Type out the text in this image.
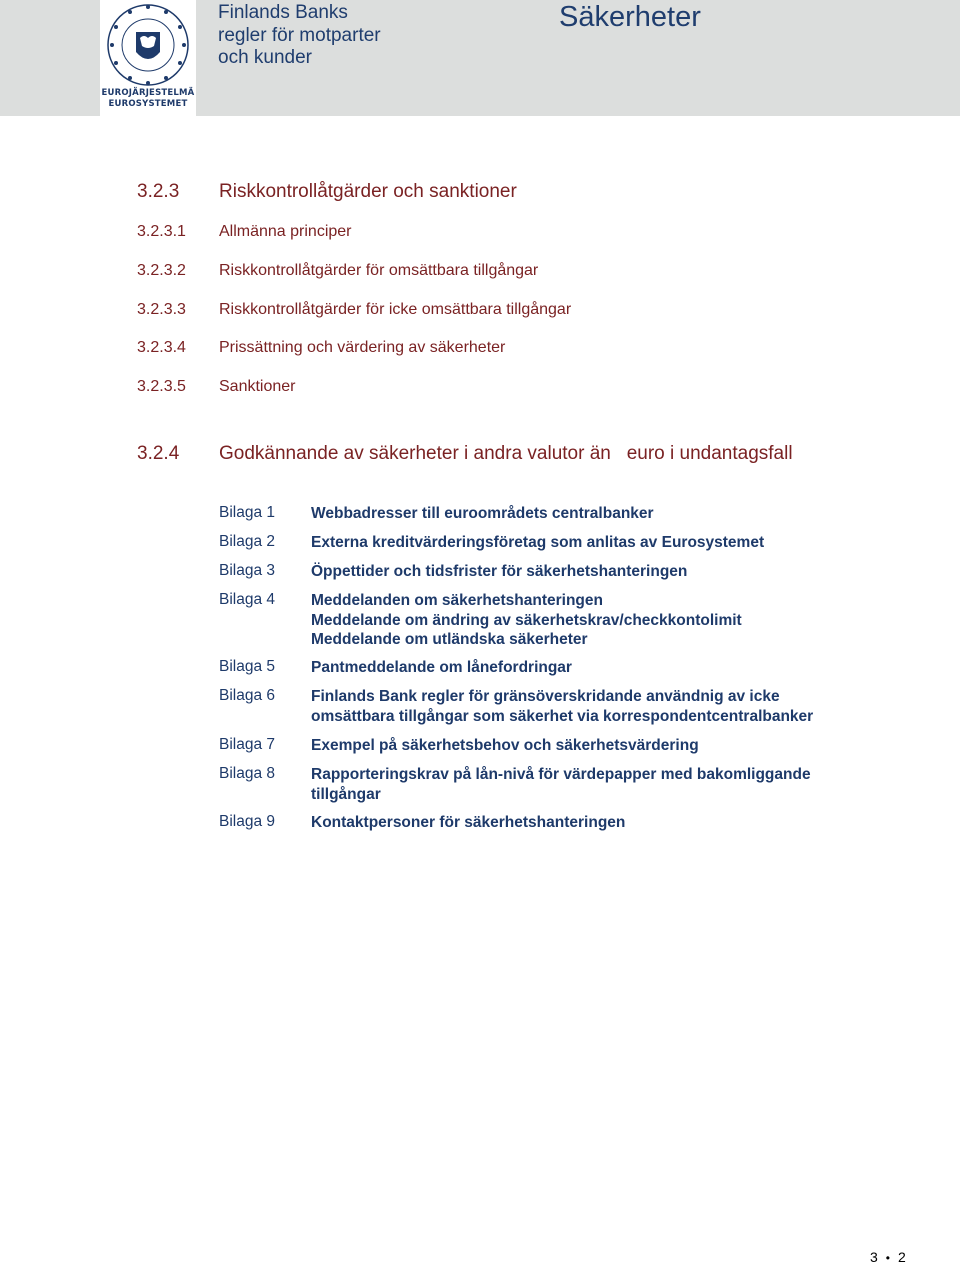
EUROJÄRJESTELMÄ
EUROSYSTEMET
Finlands Banks
regler för motparter
och kunder
Säkerheter
3.2.3 Riskkontrollåtgärder och sanktioner
3.2.3.1 Allmänna principer
3.2.3.2 Riskkontrollåtgärder för omsättbara tillgångar
3.2.3.3 Riskkontrollåtgärder för icke omsättbara tillgångar
3.2.3.4 Prissättning och värdering av säkerheter
3.2.3.5 Sanktioner
3.2.4 Godkännande av säkerheter i andra valutor än   euro i undantagsfall
Bilaga 1 Webbadresser till euroområdets centralbanker
Bilaga 2 Externa kreditvärderingsföretag som anlitas av Eurosystemet
Bilaga 3 Öppettider och tidsfrister för säkerhetshanteringen
Bilaga 4 Meddelanden om säkerhetshanteringen
Meddelande om ändring av säkerhetskrav/checkkontolimit
Meddelande om utländska säkerheter
Bilaga 5 Pantmeddelande om lånefordringar
Bilaga 6 Finlands Bank regler för gränsöverskridande användnig av icke
omsättbara tillgångar som säkerhet via korrespondentcentralbanker
Bilaga 7 Exempel på säkerhetsbehov och säkerhetsvärdering
Bilaga 8 Rapporteringskrav på lån-nivå för värdepapper med bakomliggande
tillgångar
Bilaga 9 Kontaktpersoner för säkerhetshanteringen
3 • 2
